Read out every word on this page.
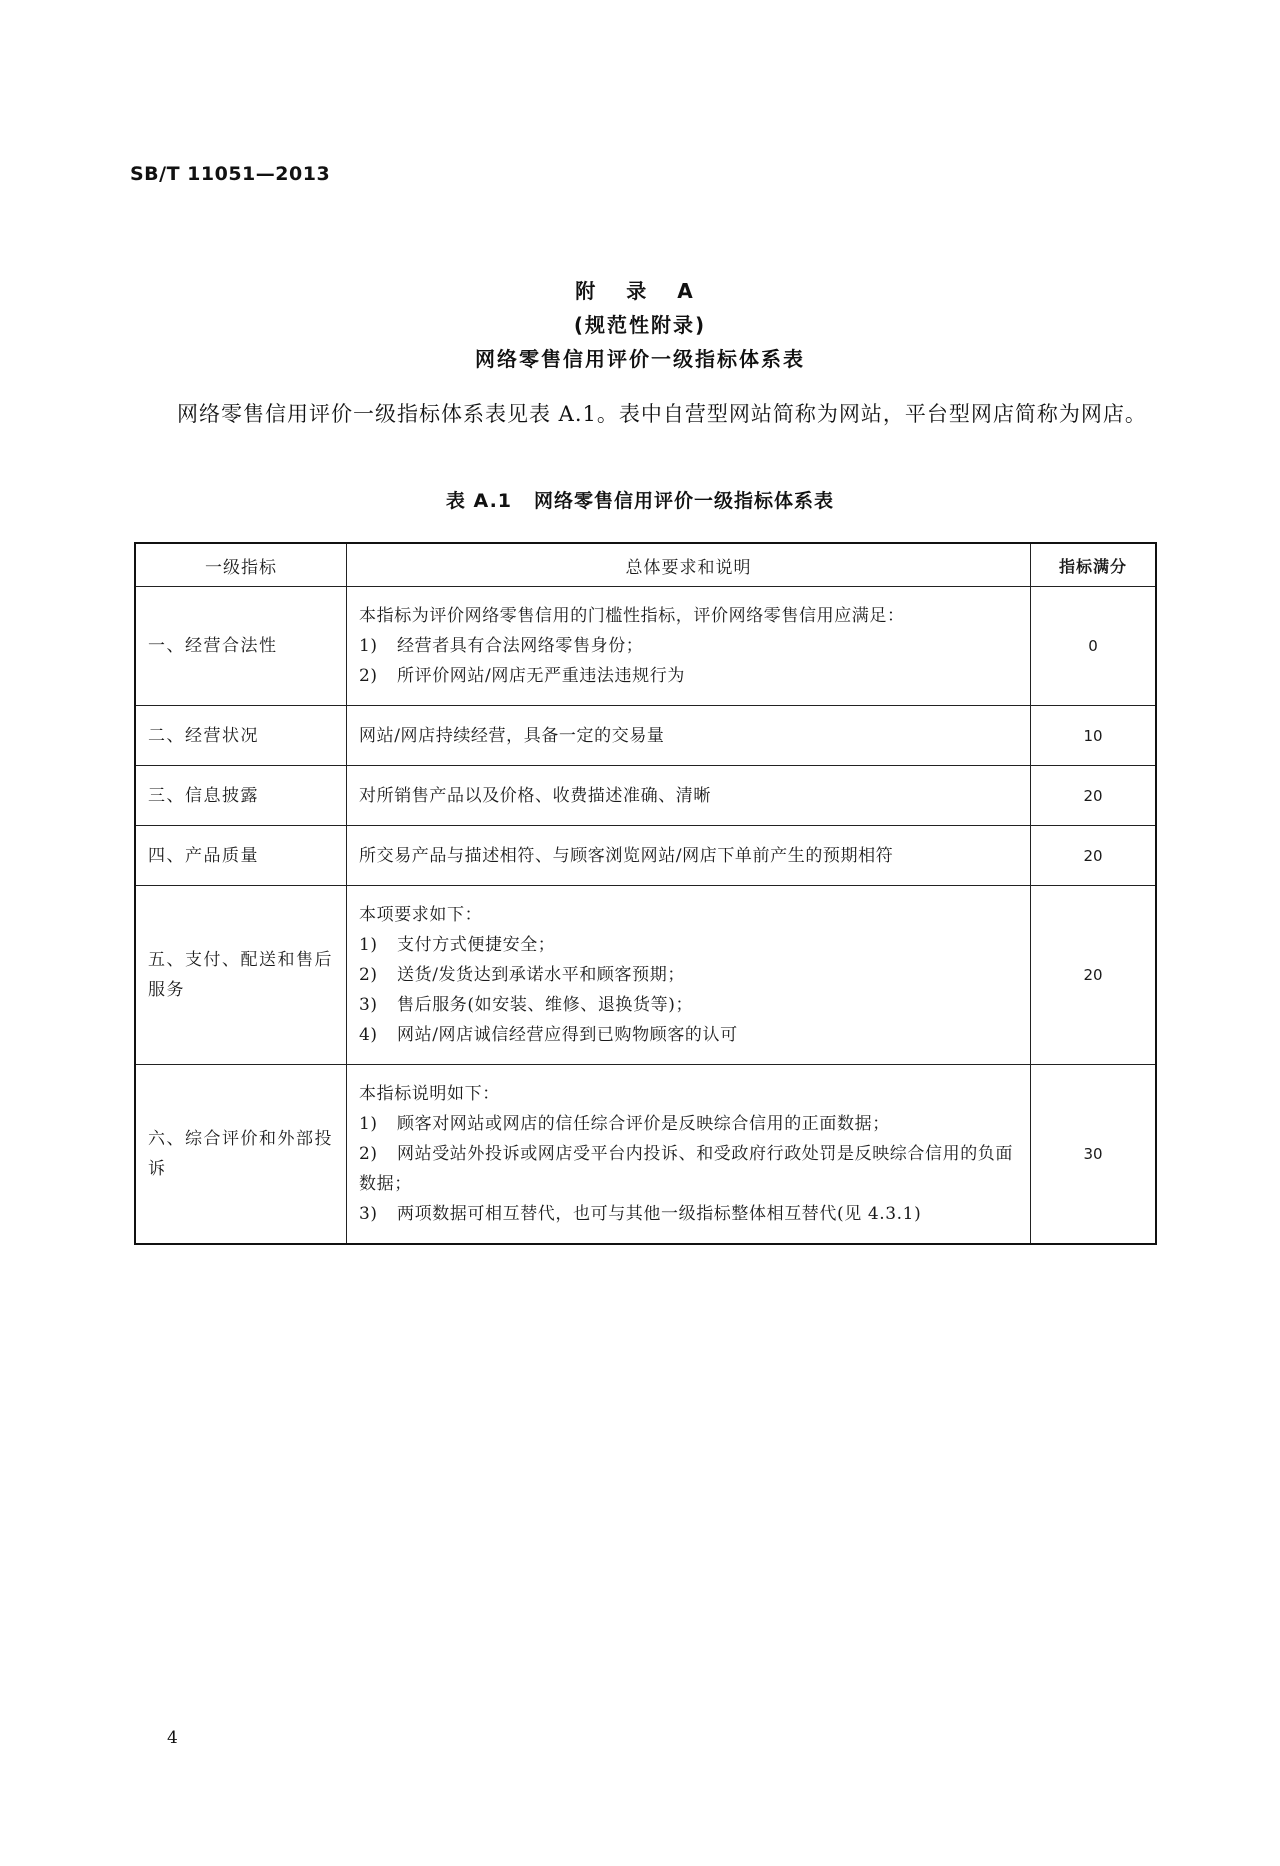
SB/T 11051—2013
附 录 A
(规范性附录)
网络零售信用评价一级指标体系表
网络零售信用评价一级指标体系表见表 A.1。表中自营型网站简称为网站，平台型网店简称为网店。
表 A.1 网络零售信用评价一级指标体系表
一级指标	总体要求和说明	指标满分
一、经营合法性	本指标为评价网络零售信用的门槛性指标，评价网络零售信用应满足：
1) 经营者具有合法网络零售身份；
2) 所评价网站/网店无严重违法违规行为	0
二、经营状况	网站/网店持续经营，具备一定的交易量	10
三、信息披露	对所销售产品以及价格、收费描述准确、清晰	20
四、产品质量	所交易产品与描述相符、与顾客浏览网站/网店下单前产生的预期相符	20
五、支付、配送和售后服务	本项要求如下：
1) 支付方式便捷安全；
2) 送货/发货达到承诺水平和顾客预期；
3) 售后服务(如安装、维修、退换货等)；
4) 网站/网店诚信经营应得到已购物顾客的认可	20
六、综合评价和外部投诉	本指标说明如下：
1) 顾客对网站或网店的信任综合评价是反映综合信用的正面数据；
2) 网站受站外投诉或网店受平台内投诉、和受政府行政处罚是反映综合信用的负面数据；
3) 两项数据可相互替代，也可与其他一级指标整体相互替代(见 4.3.1)	30
4
